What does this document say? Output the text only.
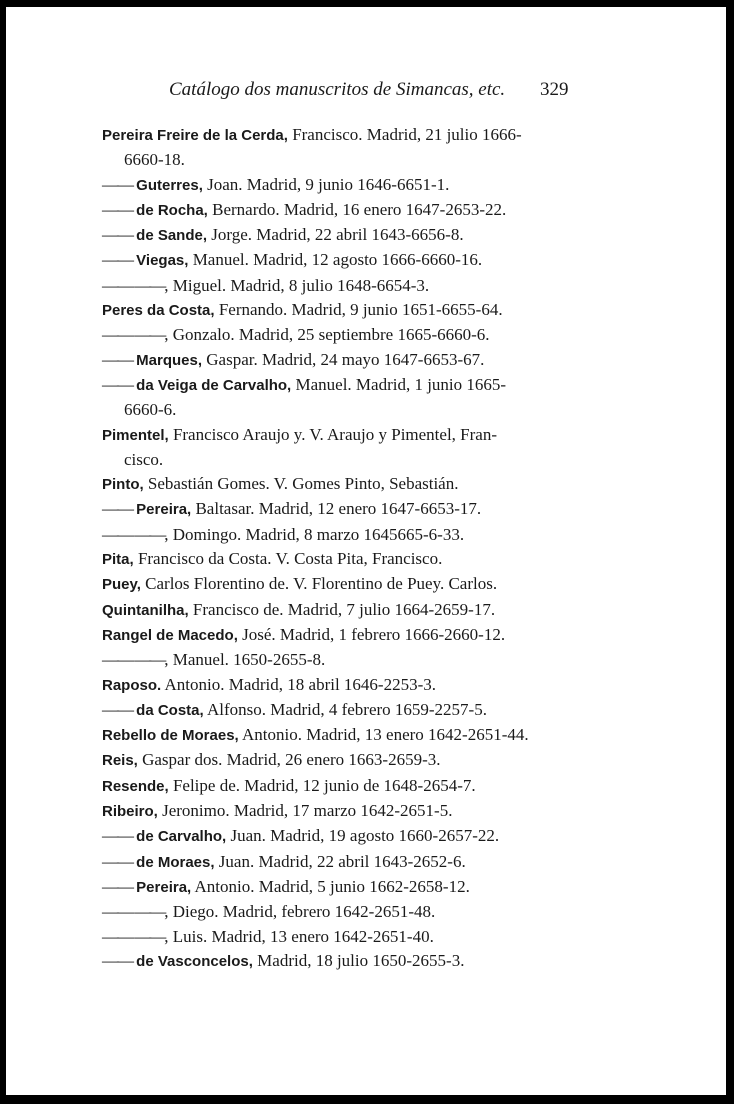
Catálogo dos manuscritos de Simancas, etc. 329
Pereira Freire de la Cerda, Francisco. Madrid, 21 julio 1666-
6660-18.
—— Guterres, Joan. Madrid, 9 junio 1646-6651-1.
—— de Rocha, Bernardo. Madrid, 16 enero 1647-2653-22.
—— de Sande, Jorge. Madrid, 22 abril 1643-6656-8.
—— Viegas, Manuel. Madrid, 12 agosto 1666-6660-16.
—— ——, Miguel. Madrid, 8 julio 1648-6654-3.
Peres da Costa, Fernando. Madrid, 9 junio 1651-6655-64.
—— ——, Gonzalo. Madrid, 25 septiembre 1665-6660-6.
—— Marques, Gaspar. Madrid, 24 mayo 1647-6653-67.
—— da Veiga de Carvalho, Manuel. Madrid, 1 junio 1665-
6660-6.
Pimentel, Francisco Araujo y. V. Araujo y Pimentel, Fran-
cisco.
Pinto, Sebastián Gomes. V. Gomes Pinto, Sebastián.
—— Pereira, Baltasar. Madrid, 12 enero 1647-6653-17.
—— ——, Domingo. Madrid, 8 marzo 1645665-6-33.
Pita, Francisco da Costa. V. Costa Pita, Francisco.
Puey, Carlos Florentino de. V. Florentino de Puey. Carlos.
Quintanilha, Francisco de. Madrid, 7 julio 1664-2659-17.
Rangel de Macedo, José. Madrid, 1 febrero 1666-2660-12.
—— ——, Manuel. 1650-2655-8.
Raposo. Antonio. Madrid, 18 abril 1646-2253-3.
—— da Costa, Alfonso. Madrid, 4 febrero 1659-2257-5.
Rebello de Moraes, Antonio. Madrid, 13 enero 1642-2651-44.
Reis, Gaspar dos. Madrid, 26 enero 1663-2659-3.
Resende, Felipe de. Madrid, 12 junio de 1648-2654-7.
Ribeiro, Jeronimo. Madrid, 17 marzo 1642-2651-5.
—— de Carvalho, Juan. Madrid, 19 agosto 1660-2657-22.
—— de Moraes, Juan. Madrid, 22 abril 1643-2652-6.
—— Pereira, Antonio. Madrid, 5 junio 1662-2658-12.
—— ——, Diego. Madrid, febrero 1642-2651-48.
—— ——, Luis. Madrid, 13 enero 1642-2651-40.
—— de Vasconcelos, Madrid, 18 julio 1650-2655-3.
